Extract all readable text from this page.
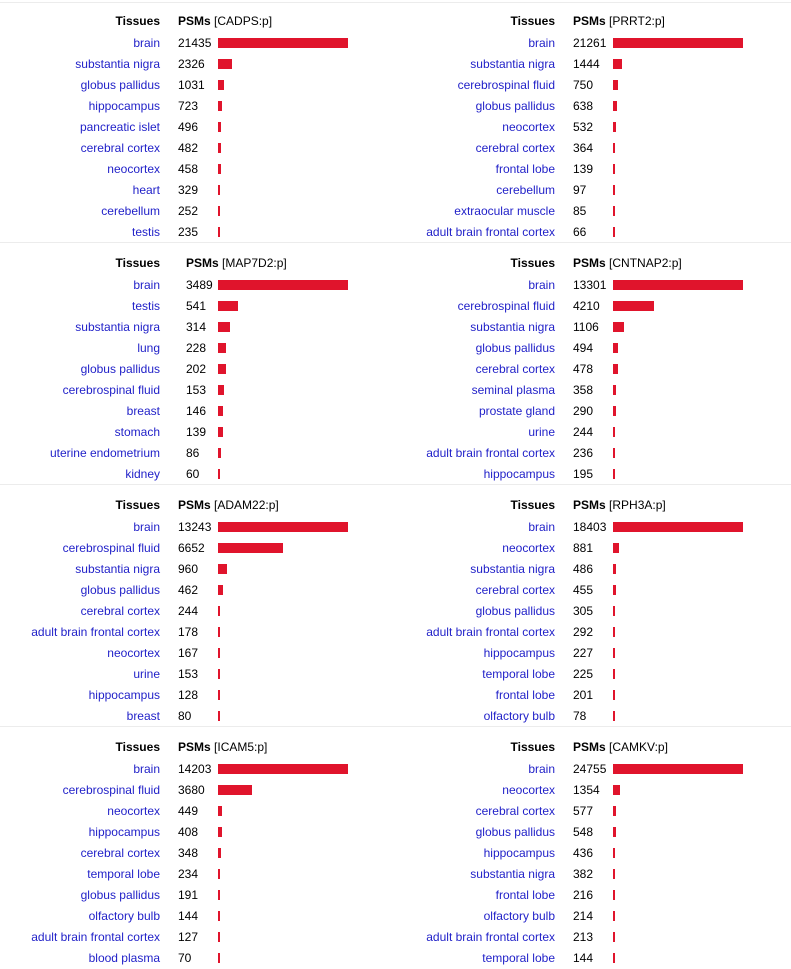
Tissues PSMs [CADPS:p]
brain 21435
substantia nigra 2326
globus pallidus 1031
hippocampus 723
pancreatic islet 496
cerebral cortex 482
neocortex 458
heart 329
cerebellum 252
testis 235
Tissues PSMs [PRRT2:p]
brain 21261
substantia nigra 1444
cerebrospinal fluid 750
globus pallidus 638
neocortex 532
cerebral cortex 364
frontal lobe 139
cerebellum 97
extraocular muscle 85
adult brain frontal cortex 66
Tissues PSMs [MAP7D2:p]
brain 3489
testis 541
substantia nigra 314
lung 228
globus pallidus 202
cerebrospinal fluid 153
breast 146
stomach 139
uterine endometrium 86
kidney 60
Tissues PSMs [CNTNAP2:p]
brain 13301
cerebrospinal fluid 4210
substantia nigra 1106
globus pallidus 494
cerebral cortex 478
seminal plasma 358
prostate gland 290
urine 244
adult brain frontal cortex 236
hippocampus 195
Tissues PSMs [ADAM22:p]
brain 13243
cerebrospinal fluid 6652
substantia nigra 960
globus pallidus 462
cerebral cortex 244
adult brain frontal cortex 178
neocortex 167
urine 153
hippocampus 128
breast 80
Tissues PSMs [RPH3A:p]
brain 18403
neocortex 881
substantia nigra 486
cerebral cortex 455
globus pallidus 305
adult brain frontal cortex 292
hippocampus 227
temporal lobe 225
frontal lobe 201
olfactory bulb 78
Tissues PSMs [ICAM5:p]
brain 14203
cerebrospinal fluid 3680
neocortex 449
hippocampus 408
cerebral cortex 348
temporal lobe 234
globus pallidus 191
olfactory bulb 144
adult brain frontal cortex 127
blood plasma 70
Tissues PSMs [CAMKV:p]
brain 24755
neocortex 1354
cerebral cortex 577
globus pallidus 548
hippocampus 436
substantia nigra 382
frontal lobe 216
olfactory bulb 214
adult brain frontal cortex 213
temporal lobe 144
